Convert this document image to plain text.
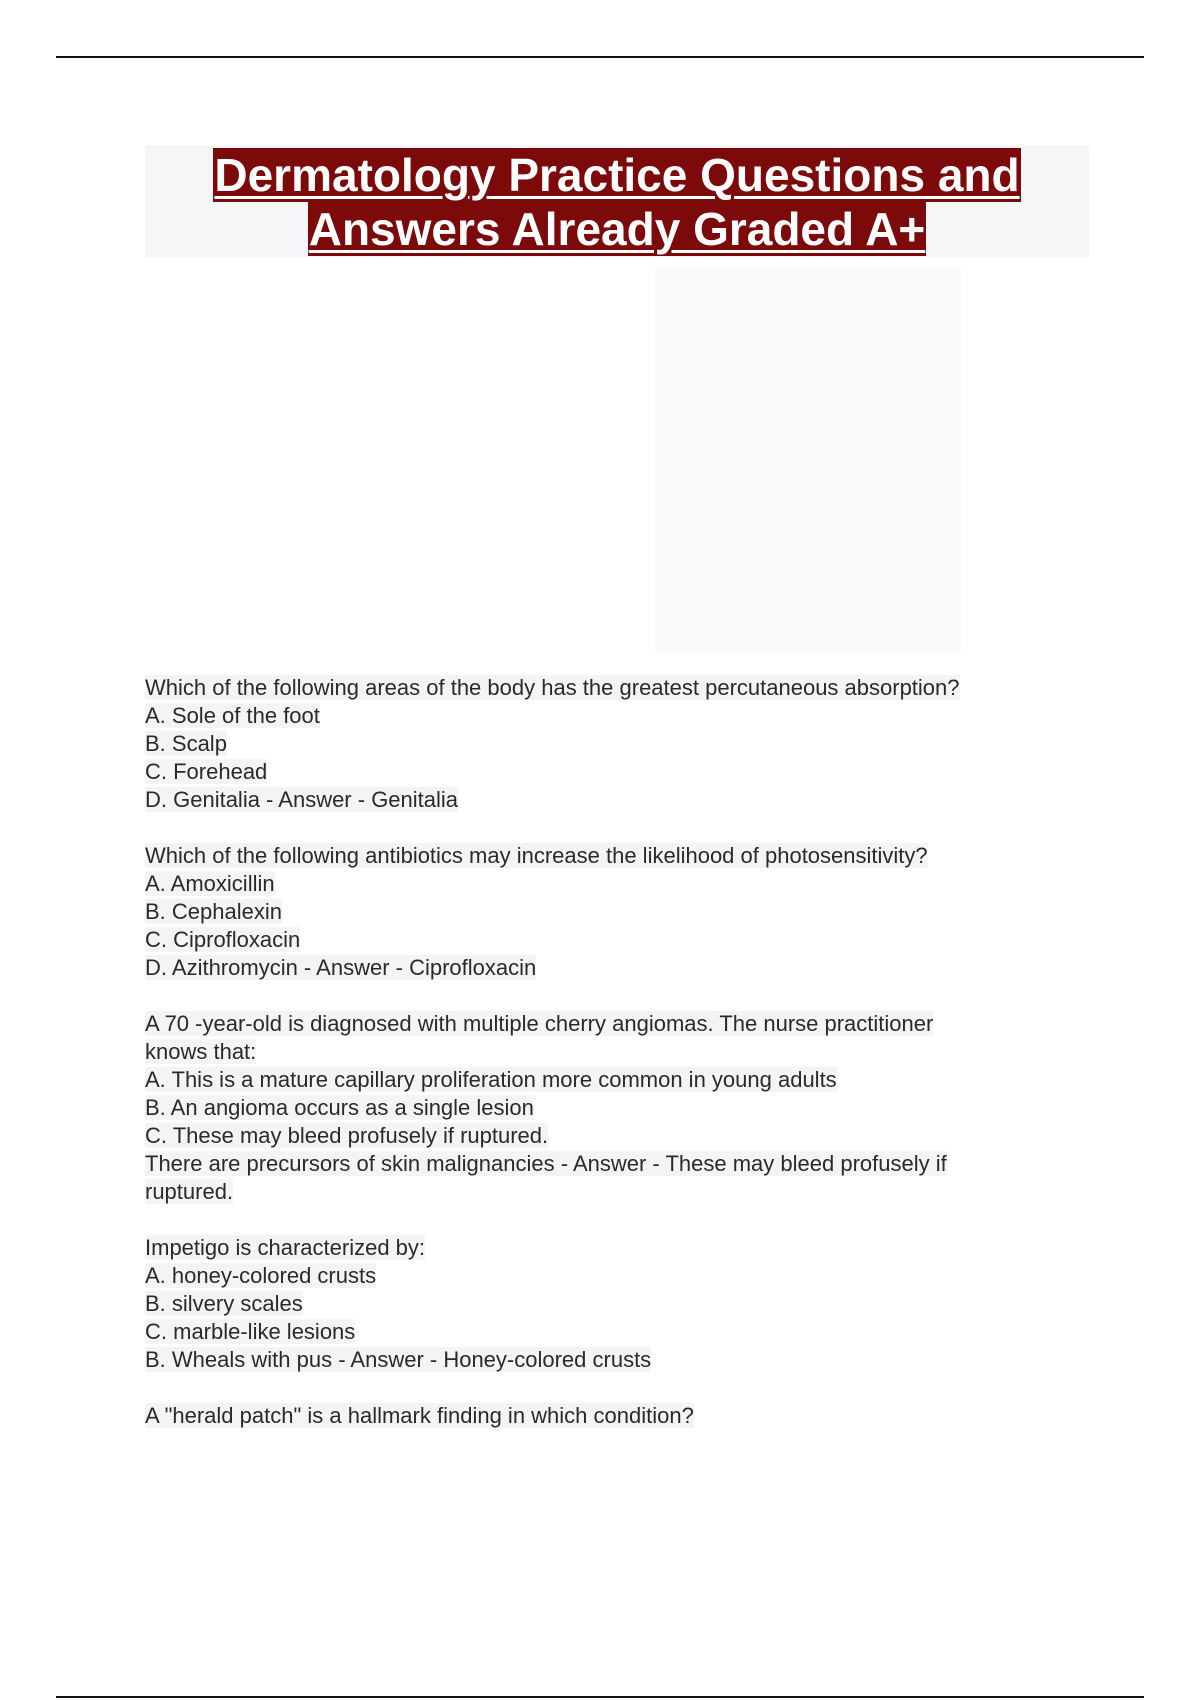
Dermatology Practice Questions and
Answers Already Graded A+
Which of the following areas of the body has the greatest percutaneous absorption?
A. Sole of the foot
B. Scalp
C. Forehead
D. Genitalia - Answer - Genitalia
Which of the following antibiotics may increase the likelihood of photosensitivity?
A. Amoxicillin
B. Cephalexin
C. Ciprofloxacin
D. Azithromycin - Answer - Ciprofloxacin
A 70 -year-old is diagnosed with multiple cherry angiomas. The nurse practitioner
knows that:
A. This is a mature capillary proliferation more common in young adults
B. An angioma occurs as a single lesion
C. These may bleed profusely if ruptured.
There are precursors of skin malignancies - Answer - These may bleed profusely if
ruptured.
Impetigo is characterized by:
A. honey-colored crusts
B. silvery scales
C. marble-like lesions
B. Wheals with pus - Answer - Honey-colored crusts
A "herald patch" is a hallmark finding in which condition?
